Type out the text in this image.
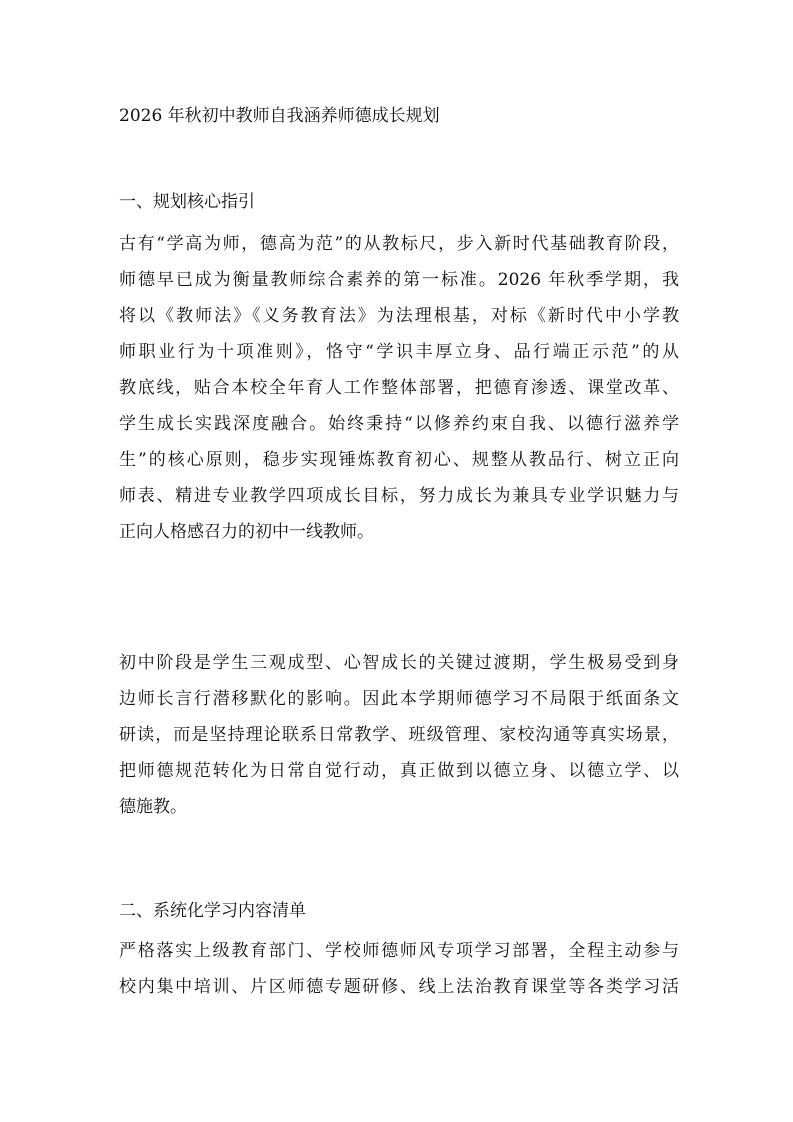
2026 年秋初中教师自我涵养师德成长规划
一、规划核心指引
古有“学高为师，德高为范”的从教标尺，步入新时代基础教育阶段，
师德早已成为衡量教师综合素养的第一标准。2026 年秋季学期，我
将以《教师法》《义务教育法》为法理根基，对标《新时代中小学教
师职业行为十项准则》，恪守“学识丰厚立身、品行端正示范”的从
教底线，贴合本校全年育人工作整体部署，把德育渗透、课堂改革、
学生成长实践深度融合。始终秉持“以修养约束自我、以德行滋养学
生”的核心原则，稳步实现锤炼教育初心、规整从教品行、树立正向
师表、精进专业教学四项成长目标，努力成长为兼具专业学识魅力与
正向人格感召力的初中一线教师。
初中阶段是学生三观成型、心智成长的关键过渡期，学生极易受到身
边师长言行潜移默化的影响。因此本学期师德学习不局限于纸面条文
研读，而是坚持理论联系日常教学、班级管理、家校沟通等真实场景，
把师德规范转化为日常自觉行动，真正做到以德立身、以德立学、以
德施教。
二、系统化学习内容清单
严格落实上级教育部门、学校师德师风专项学习部署，全程主动参与
校内集中培训、片区师德专题研修、线上法治教育课堂等各类学习活
